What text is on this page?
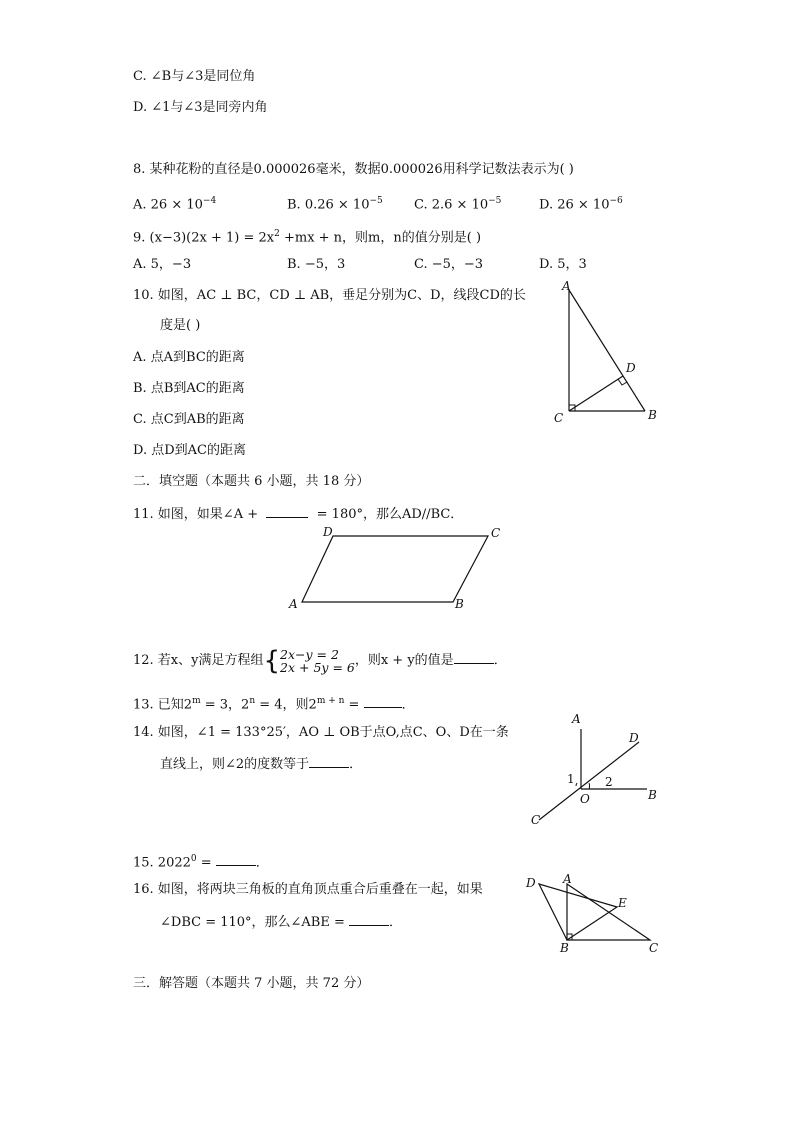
C. ∠B与∠3是同位角
D. ∠1与∠3是同旁内角
8. 某种花粉的直径是0.000026毫米，数据0.000026用科学记数法表示为( )
A. $26 \times 10^{-4}$	B. $0.26 \times 10^{-5}$ C. $2.6 \times 10^{-5}$	D. $26 \times 10^{-6}$
9. $(x-3)(2x + 1) = 2x^2 +mx + n$，则m，n的值分别是( )
A. 5，−3	B. −5，3	C. −5，−3	D. 5，3
10. 如图，AC ⊥ BC，CD ⊥ AB，垂足分别为C、D，线段CD的长
度是( )
A. 点A到BC的距离
B. 点B到AC的距离
C. 点C到AB的距离
D. 点D到AC的距离
A
D
C	B
二．填空题（本题共 6 小题，共 18 分）
11. 如图，如果∠A +	= 180°，那么AD//BC．
D	C
A	B
12. 若x、y满足方程组{2x−y = 2
2x + 5y = 6，则x + y的值是	．
13. 已知$2^m = 3$，$2^n = 4$，则$2^{m + n}$ =	．
14. 如图，∠1 = 133°25′，AO ⊥ OB于点O,点C、O、D在一条
直线上，则∠2的度数等于	．
A
D
1	2
O	B
C
15. $2022^0$ =	．
16. 如图，将两块三角板的直角顶点重合后重叠在一起，如果
∠DBC = 110°，那么∠ABE =	．
D A
E
B	C
三．解答题（本题共 7 小题，共 72 分）
